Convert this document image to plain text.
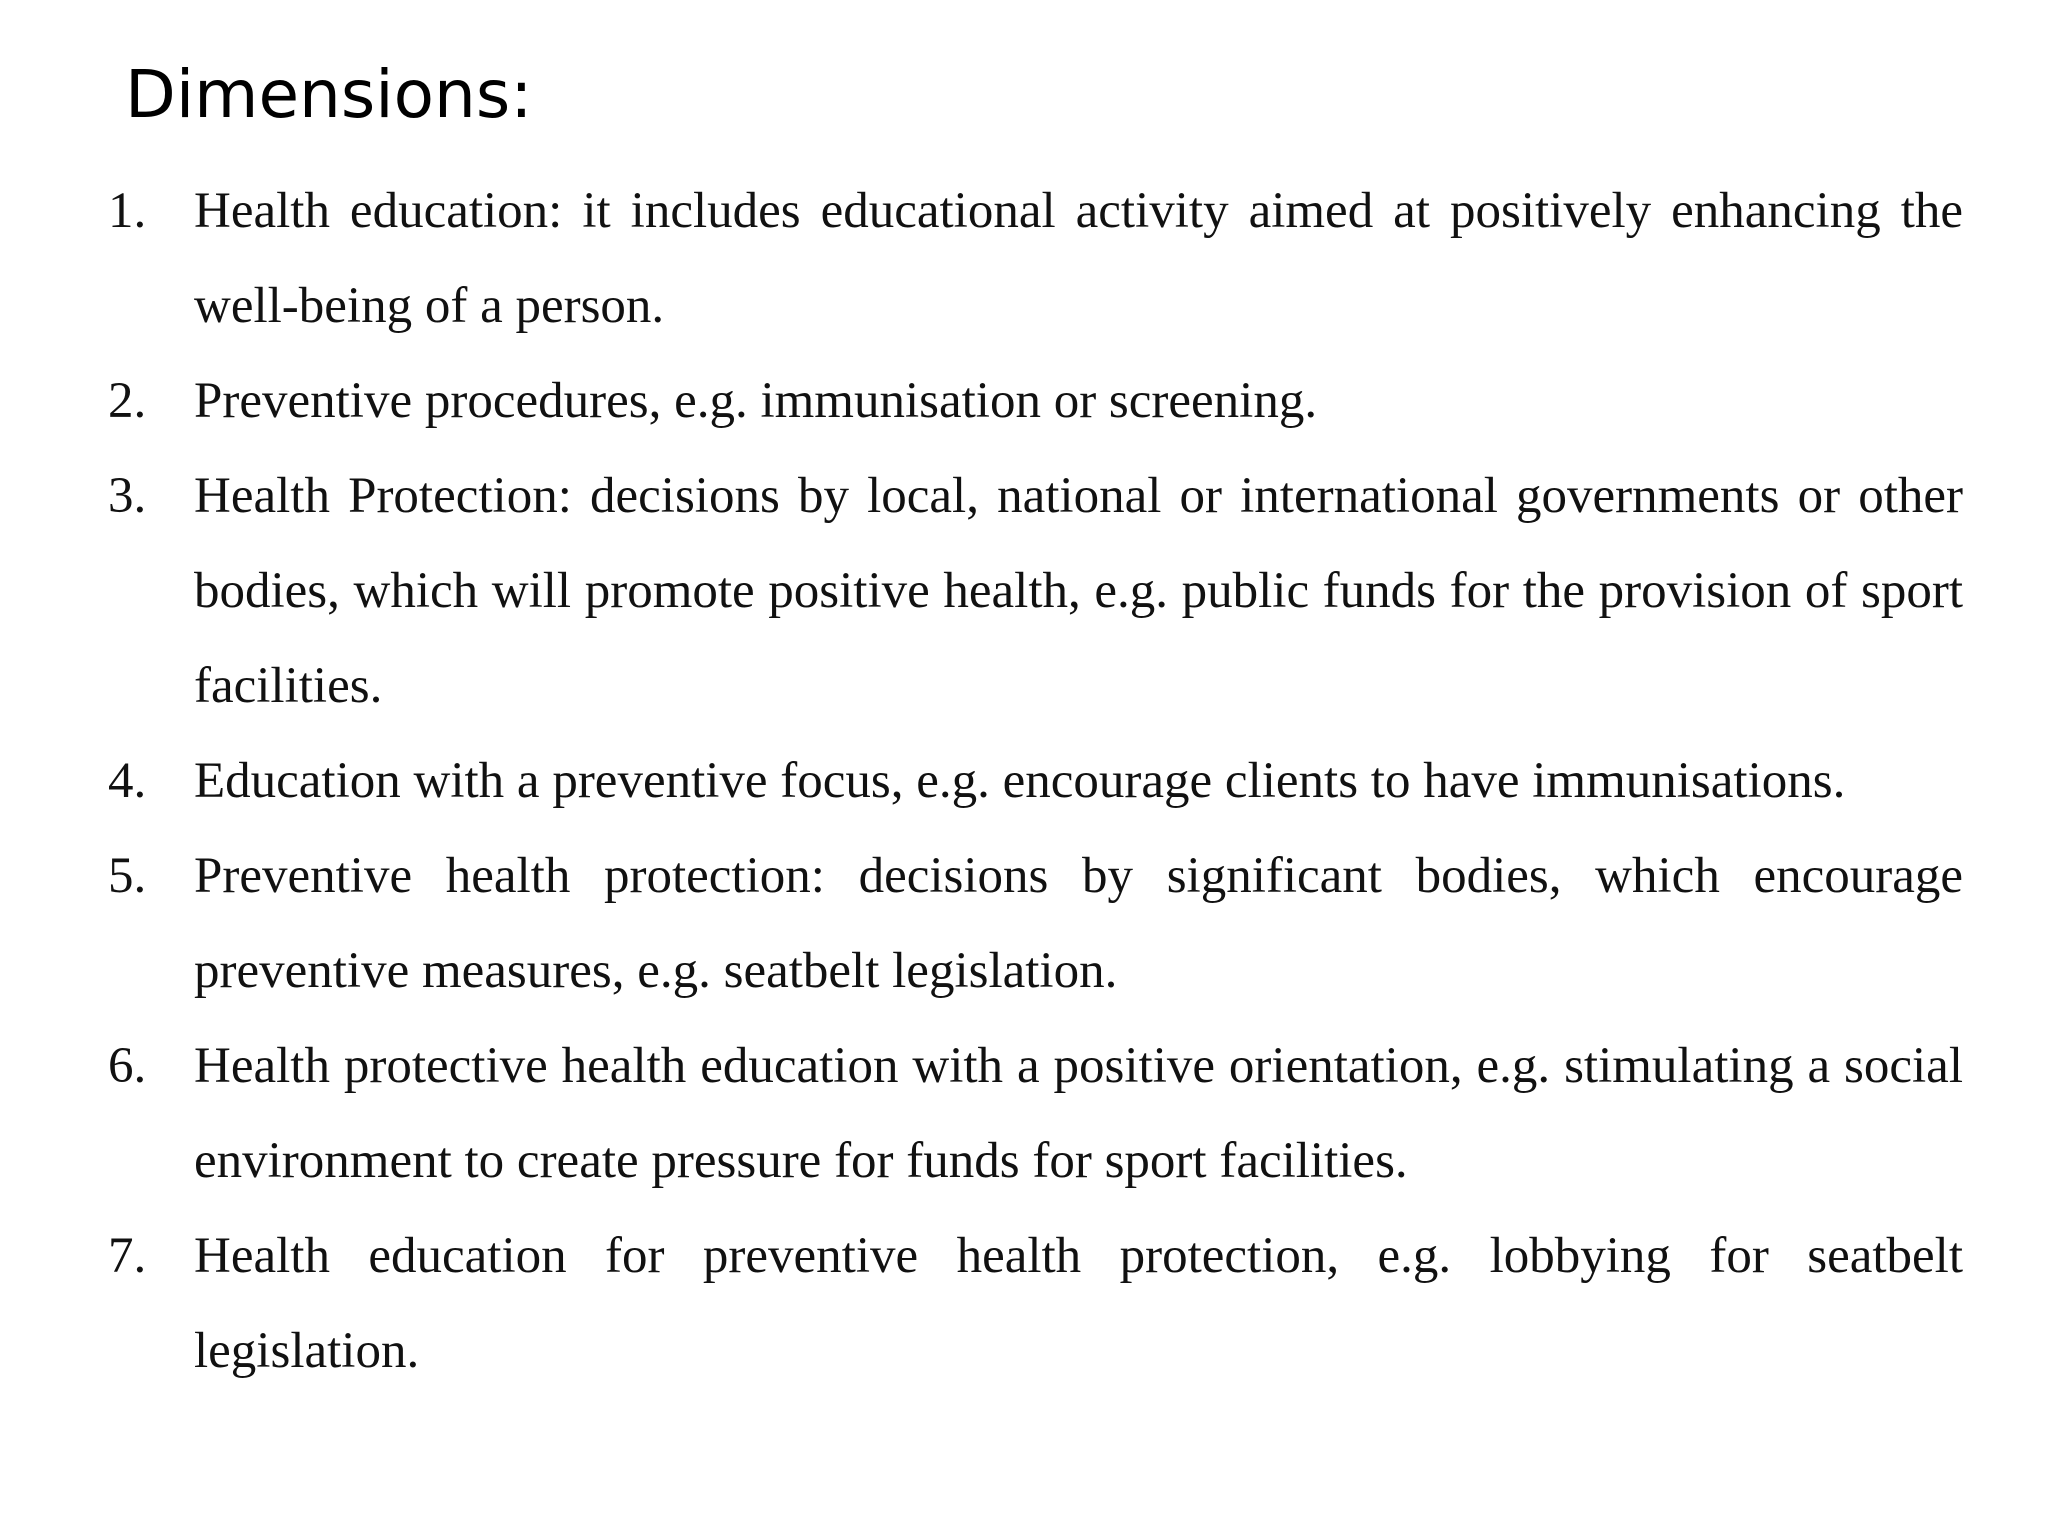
Dimensions:
1. Health education: it includes educational activity aimed at positively enhancing the well-being of a person.
2. Preventive procedures, e.g. immunisation or screening.
3. Health Protection: decisions by local, national or international governments or other bodies, which will promote positive health, e.g. public funds for the provision of sport facilities.
4. Education with a preventive focus, e.g. encourage clients to have immunisations.
5. Preventive health protection: decisions by significant bodies, which encourage preventive measures, e.g. seatbelt legislation.
6. Health protective health education with a positive orientation, e.g. stimulating a social environment to create pressure for funds for sport facilities.
7. Health education for preventive health protection, e.g. lobbying for seatbelt legislation.
